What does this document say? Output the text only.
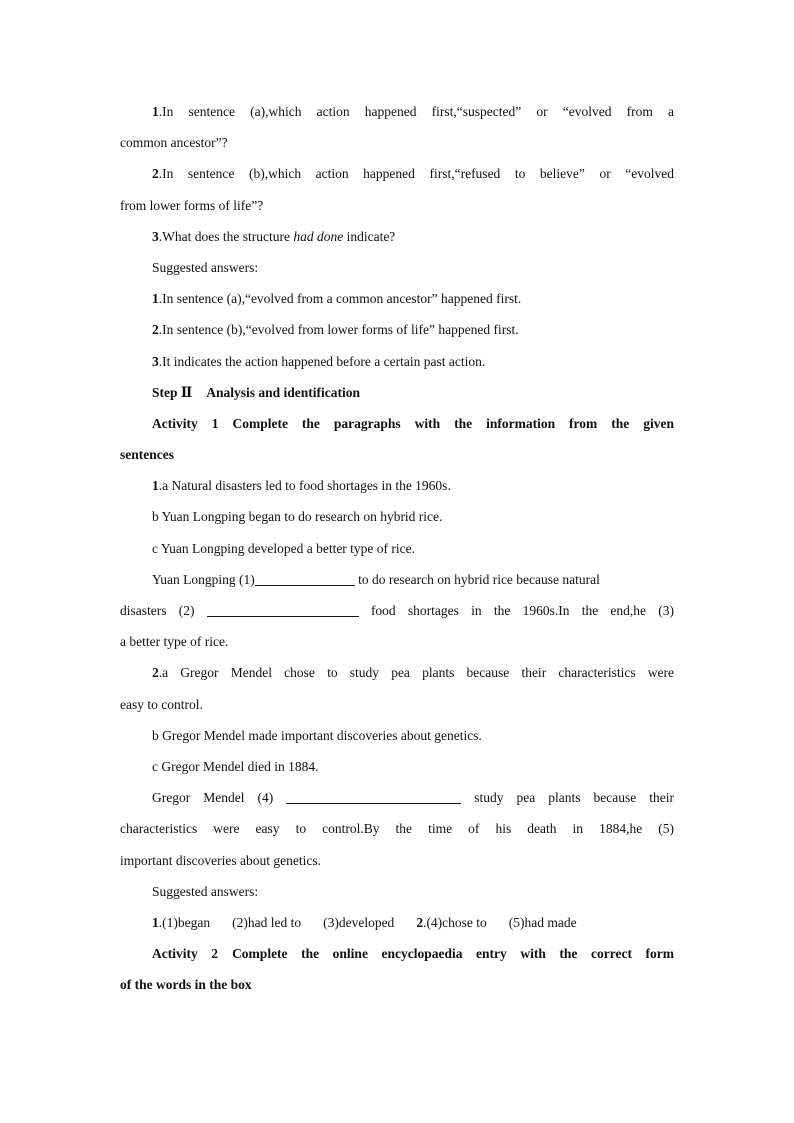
1.In sentence (a),which action happened first,“suspected” or “evolved from a
common ancestor”?
2.In sentence (b),which action happened first,“refused to believe” or “evolved
from lower forms of life”?
3.What does the structure had done indicate?
Suggested answers:
1.In sentence (a),“evolved from a common ancestor” happened first.
2.In sentence (b),“evolved from lower forms of life” happened first.
3.It indicates the action happened before a certain past action.
Step Ⅱ Analysis and identification
Activity 1 Complete the paragraphs with the information from the given
sentences
1.a Natural disasters led to food shortages in the 1960s.
b Yuan Longping began to do research on hybrid rice.
c Yuan Longping developed a better type of rice.
Yuan Longping (1)	to do research on hybrid rice because natural
disasters (2)	food shortages in the 1960s.In the end,he (3)
a better type of rice.
2.a Gregor Mendel chose to study pea plants because their characteristics were
easy to control.
b Gregor Mendel made important discoveries about genetics.
c Gregor Mendel died in 1884.
Gregor Mendel (4)	study pea plants because their
characteristics were easy to control.By the time of his death in 1884,he (5)
important discoveries about genetics.
Suggested answers:
1.(1)began (2)had led to (3)developed 2.(4)chose to (5)had made
Activity 2 Complete the online encyclopaedia entry with the correct form
of the words in the box
